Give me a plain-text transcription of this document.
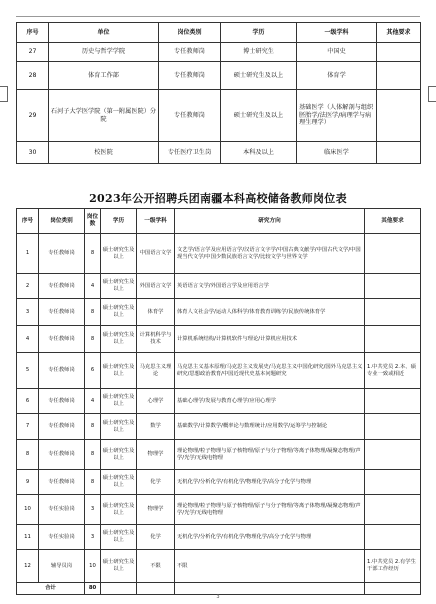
序号	单位	岗位类别	学历	一级学科	其他要求
27	历史与哲学学院	专任教师岗	博士研究生	中国史	
28	体育工作部	专任教师岗	硕士研究生及以上	体育学	
29	石河子大学医学院（第一附属医院）分院	专任教师岗	硕士研究生及以上	基础医学（人体解剖与组织胚胎学/法医学/病理学与病理生理学）	
30	校医院	专任医疗卫生岗	本科及以上	临床医学	
2023年公开招聘兵团南疆本科高校储备教师岗位表
序号	岗位类别	岗位数	学历	一级学科	研究方向	其他要求
1	专任教师岗	8	硕士研究生及以上	中国语言文学	文艺学/语言学及应用语言学/汉语言文字学/中国古典文献学/中国古代文学/中国现当代文学/中国少数民族语言文学/比较文学与世界文学	
2	专任教师岗	4	硕士研究生及以上	外国语言文学	英语语言文学/外国语言学及应用语言学	
3	专任教师岗	8	硕士研究生及以上	体育学	体育人文社会学/运动人体科学/体育教育训练学/民族传统体育学	
4	专任教师岗	8	硕士研究生及以上	计算机科学与技术	计算机系统结构/计算机软件与理论/计算机应用技术	
5	专任教师岗	6	硕士研究生及以上	马克思主义理论	马克思主义基本原理/马克思主义发展史/马克思主义中国化研究/国外马克思主义研究/思想政治教育/中国近现代史基本问题研究	1.中共党员 2.本、硕专业一致或相近
6	专任教师岗	4	硕士研究生及以上	心理学	基础心理学/发展与教育心理学/应用心理学	
7	专任教师岗	8	硕士研究生及以上	数学	基础数学/计算数学/概率论与数理统计/应用数学/运筹学与控制论	
8	专任教师岗	8	硕士研究生及以上	物理学	理论物理/粒子物理与原子核物理/原子与分子物理/等离子体物理/凝聚态物理/声学/光学/无线电物理	
9	专任教师岗	8	硕士研究生及以上	化学	无机化学/分析化学/有机化学/物理化学/高分子化学与物理	
10	专任实验岗	3	硕士研究生及以上	物理学	理论物理/粒子物理与原子核物理/原子与分子物理/等离子体物理/凝聚态物理/声学/光学/无线电物理	
11	专任实验岗	3	硕士研究生及以上	化学	无机化学/分析化学/有机化学/物理化学/高分子化学与物理	
12	辅导员岗	10	硕士研究生及以上	不限	不限	1.中共党员 2.有学生干部工作经历
合计		80				
3
